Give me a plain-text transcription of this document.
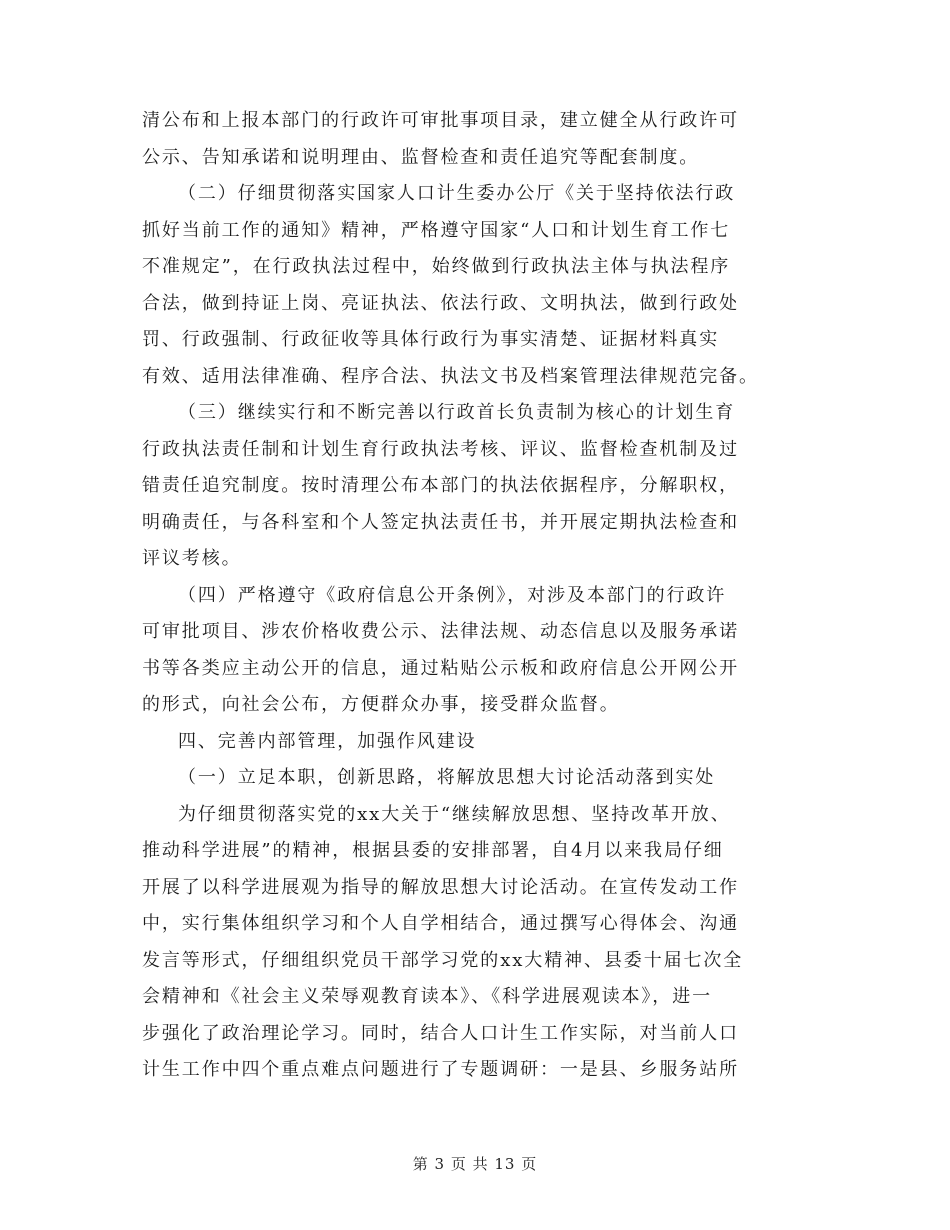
清公布和上报本部门的行政许可审批事项目录，建立健全从行政许可
公示、告知承诺和说明理由、监督检查和责任追究等配套制度。
（二）仔细贯彻落实国家人口计生委办公厅《关于坚持依法行政
抓好当前工作的通知》精神，严格遵守国家“人口和计划生育工作七
不准规定”，在行政执法过程中，始终做到行政执法主体与执法程序
合法，做到持证上岗、亮证执法、依法行政、文明执法，做到行政处
罚、行政强制、行政征收等具体行政行为事实清楚、证据材料真实
有效、适用法律准确、程序合法、执法文书及档案管理法律规范完备。
（三）继续实行和不断完善以行政首长负责制为核心的计划生育
行政执法责任制和计划生育行政执法考核、评议、监督检查机制及过
错责任追究制度。按时清理公布本部门的执法依据程序，分解职权，
明确责任，与各科室和个人签定执法责任书，并开展定期执法检查和
评议考核。
（四）严格遵守《政府信息公开条例》，对涉及本部门的行政许
可审批项目、涉农价格收费公示、法律法规、动态信息以及服务承诺
书等各类应主动公开的信息，通过粘贴公示板和政府信息公开网公开
的形式，向社会公布，方便群众办事，接受群众监督。
四、完善内部管理，加强作风建设
（一）立足本职，创新思路，将解放思想大讨论活动落到实处
为仔细贯彻落实党的xx大关于“继续解放思想、坚持改革开放、
推动科学进展”的精神，根据县委的安排部署，自4月以来我局仔细
开展了以科学进展观为指导的解放思想大讨论活动。在宣传发动工作
中，实行集体组织学习和个人自学相结合，通过撰写心得体会、沟通
发言等形式，仔细组织党员干部学习党的xx大精神、县委十届七次全
会精神和《社会主义荣辱观教育读本》、《科学进展观读本》，进一
步强化了政治理论学习。同时，结合人口计生工作实际，对当前人口
计生工作中四个重点难点问题进行了专题调研：一是县、乡服务站所
第 3 页 共 13 页
